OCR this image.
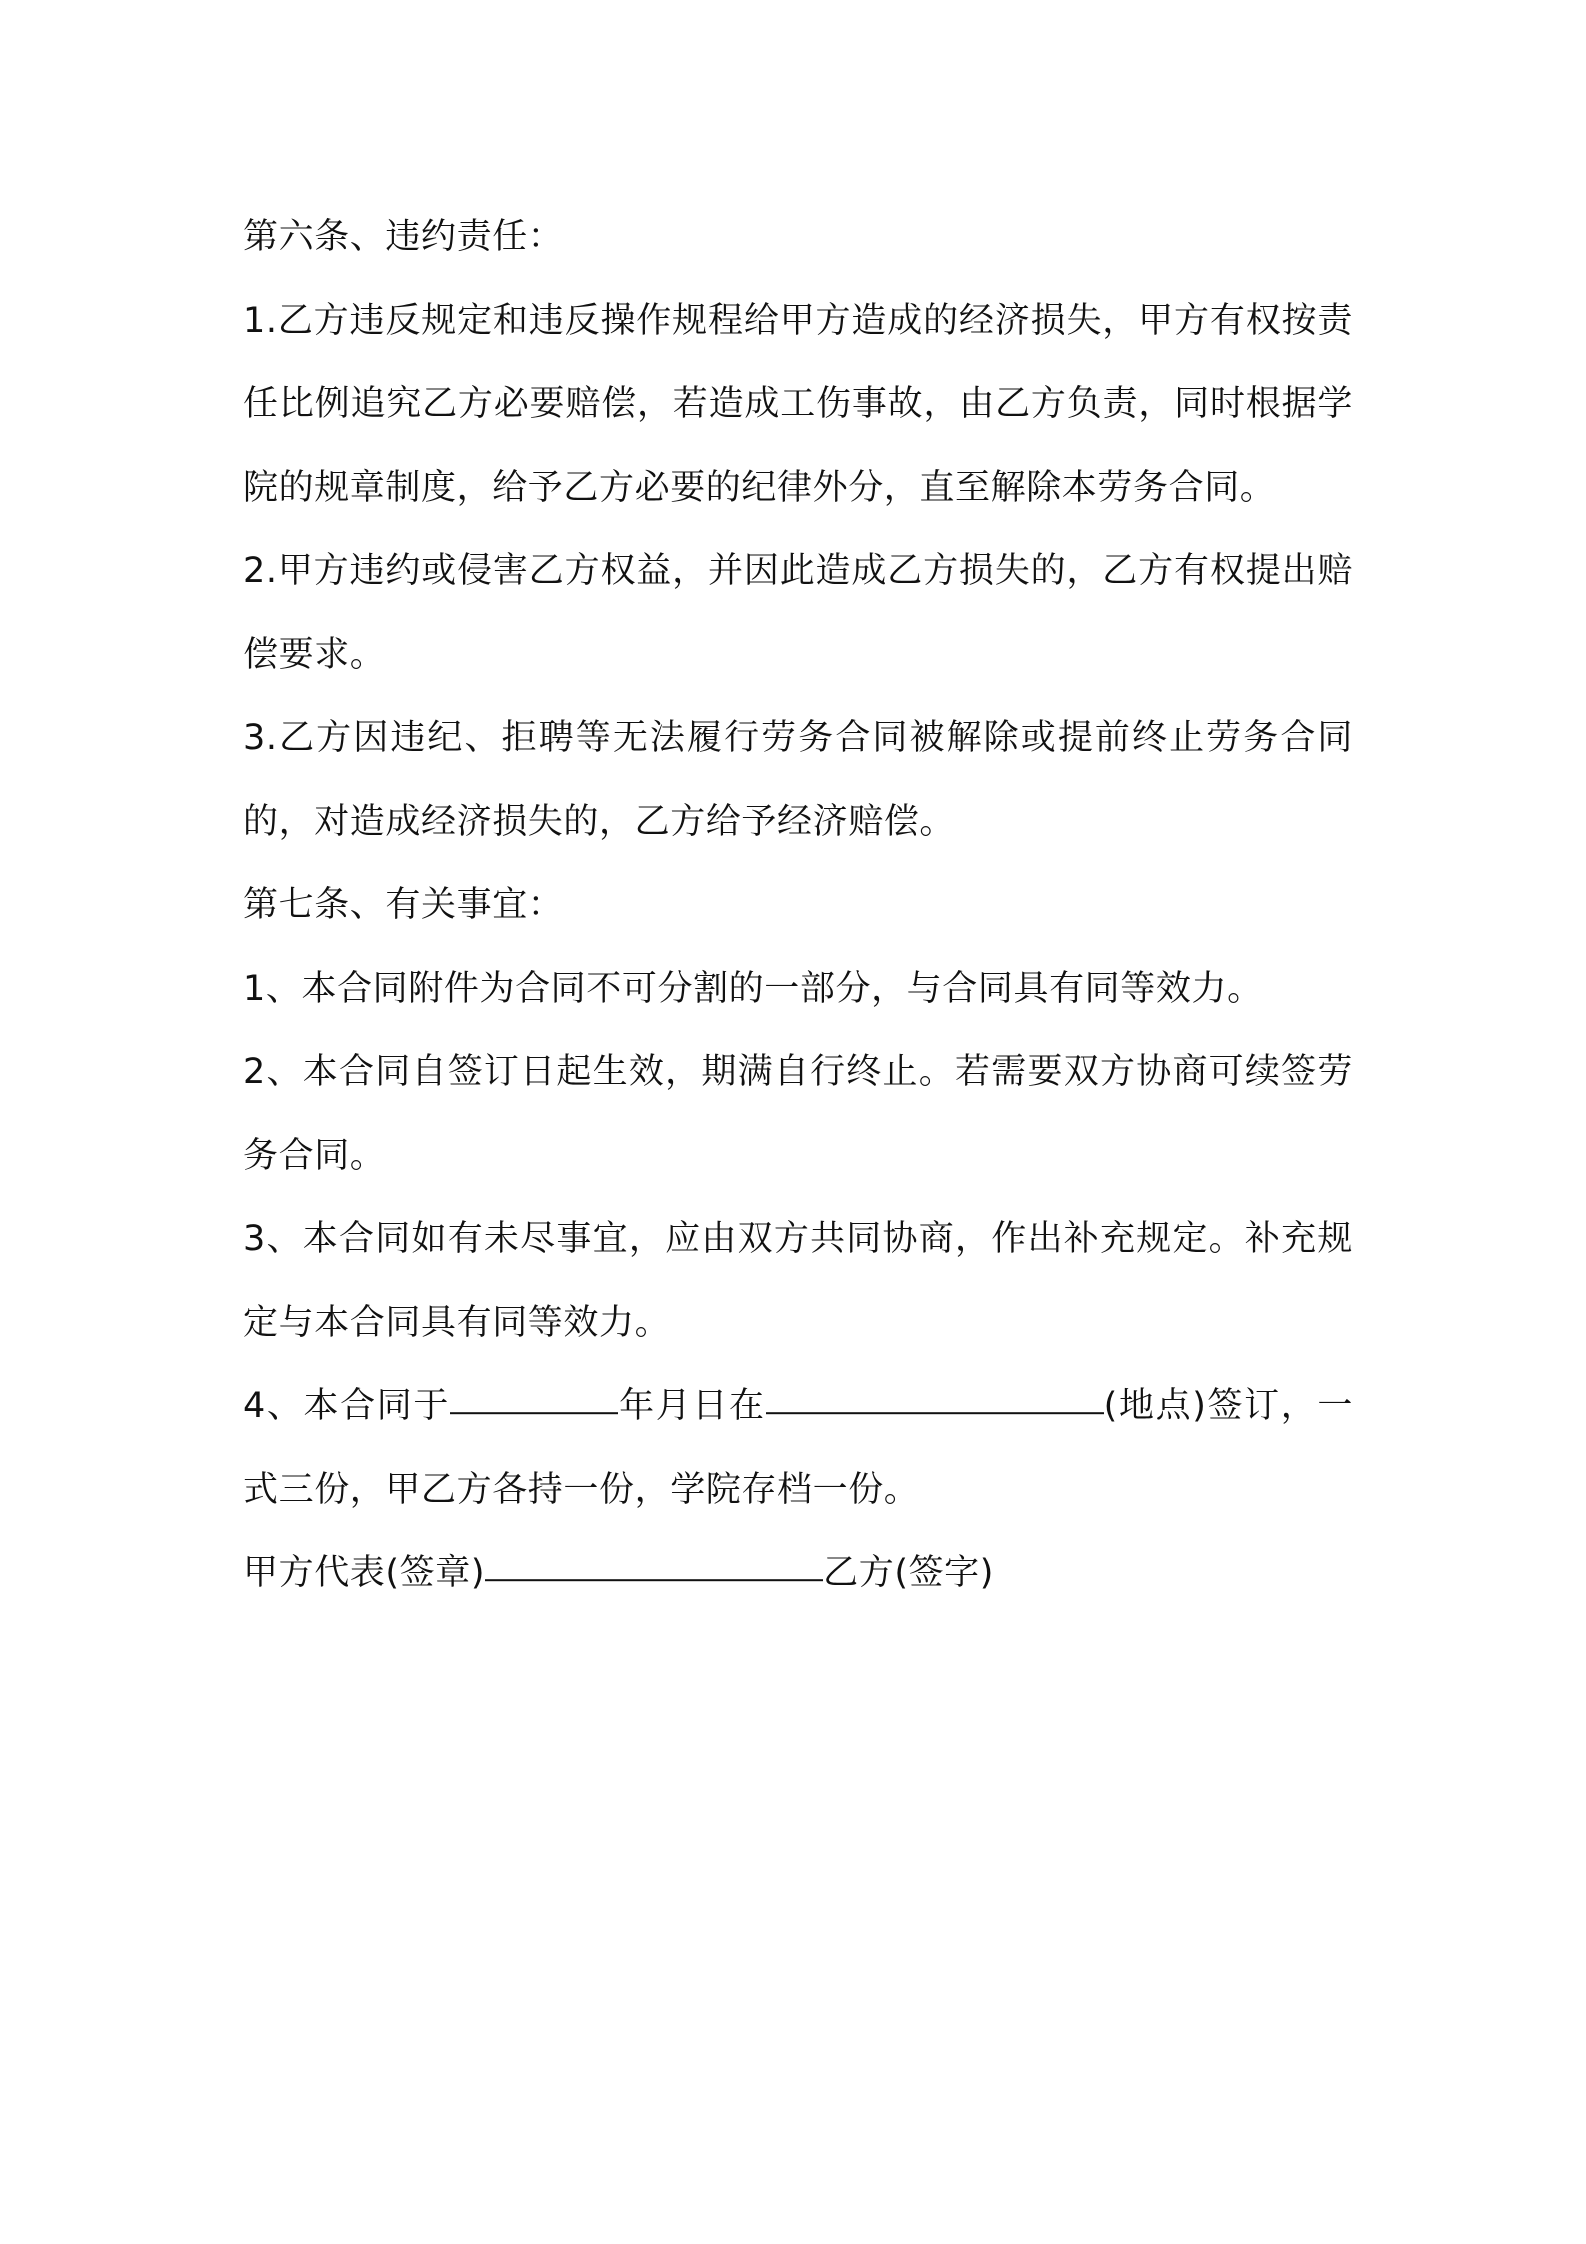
第六条、违约责任：

1.乙方违反规定和违反操作规程给甲方造成的经济损失，甲方有权按责任比例追究乙方必要赔偿，若造成工伤事故，由乙方负责，同时根据学院的规章制度，给予乙方必要的纪律外分，直至解除本劳务合同。

2.甲方违约或侵害乙方权益，并因此造成乙方损失的，乙方有权提出赔偿要求。

3.乙方因违纪、拒聘等无法履行劳务合同被解除或提前终止劳务合同的，对造成经济损失的，乙方给予经济赔偿。

第七条、有关事宜：

1、本合同附件为合同不可分割的一部分，与合同具有同等效力。

2、本合同自签订日起生效，期满自行终止。若需要双方协商可续签劳务合同。

3、本合同如有未尽事宜，应由双方共同协商，作出补充规定。补充规定与本合同具有同等效力。

4、本合同于	年月日在	(地点)签订，一式三份，甲乙方各持一份，学院存档一份。

甲方代表(签章)	乙方(签字)
